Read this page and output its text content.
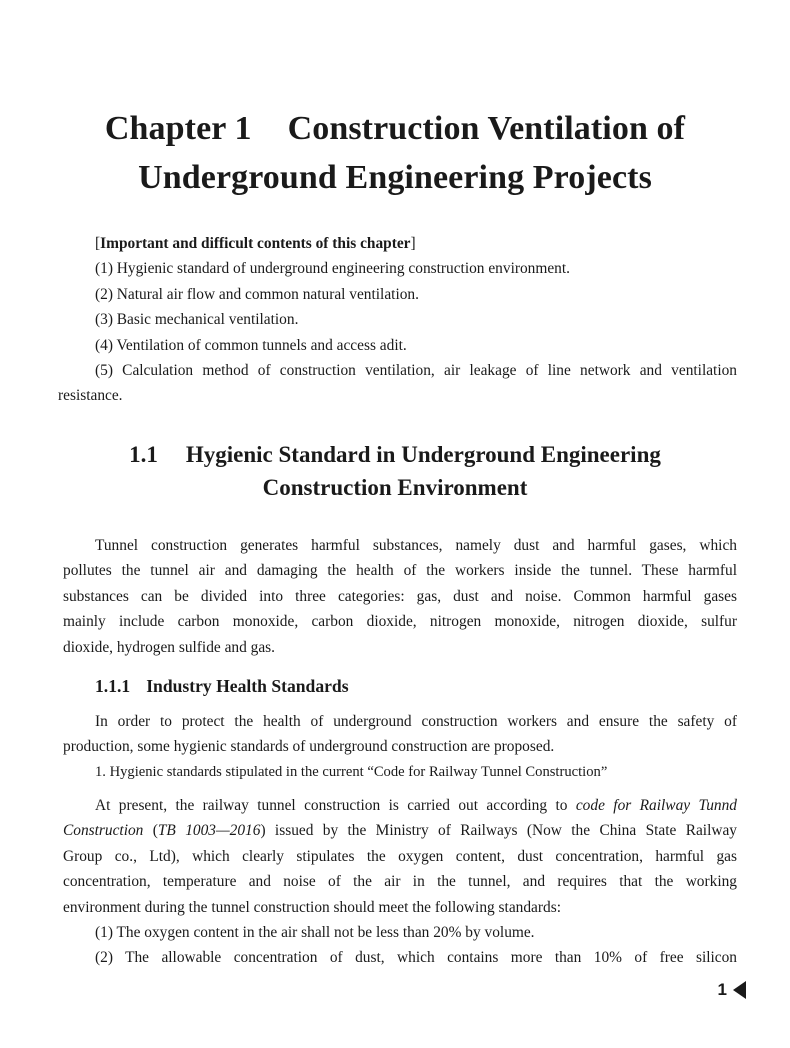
Chapter 1 Construction Ventilation of
Underground Engineering Projects
[Important and difficult contents of this chapter]
(1) Hygienic standard of underground engineering construction environment.
(2) Natural air flow and common natural ventilation.
(3) Basic mechanical ventilation.
(4) Ventilation of common tunnels and access adit.
(5) Calculation method of construction ventilation, air leakage of line network and ventilation
resistance.
1.1 Hygienic Standard in Underground Engineering
Construction Environment
Tunnel construction generates harmful substances, namely dust and harmful gases, which
pollutes the tunnel air and damaging the health of the workers inside the tunnel. These harmful
substances can be divided into three categories: gas, dust and noise. Common harmful gases
mainly include carbon monoxide, carbon dioxide, nitrogen monoxide, nitrogen dioxide, sulfur
dioxide, hydrogen sulfide and gas.
1.1.1 Industry Health Standards
In order to protect the health of underground construction workers and ensure the safety of
production, some hygienic standards of underground construction are proposed.
1. Hygienic standards stipulated in the current “Code for Railway Tunnel Construction”
At present, the railway tunnel construction is carried out according to code for Railway Tunnd
Construction (TB 1003—2016) issued by the Ministry of Railways (Now the China State Railway
Group co., Ltd), which clearly stipulates the oxygen content, dust concentration, harmful gas
concentration, temperature and noise of the air in the tunnel, and requires that the working
environment during the tunnel construction should meet the following standards:
(1) The oxygen content in the air shall not be less than 20% by volume.
(2) The allowable concentration of dust, which contains more than 10% of free silicon
1
